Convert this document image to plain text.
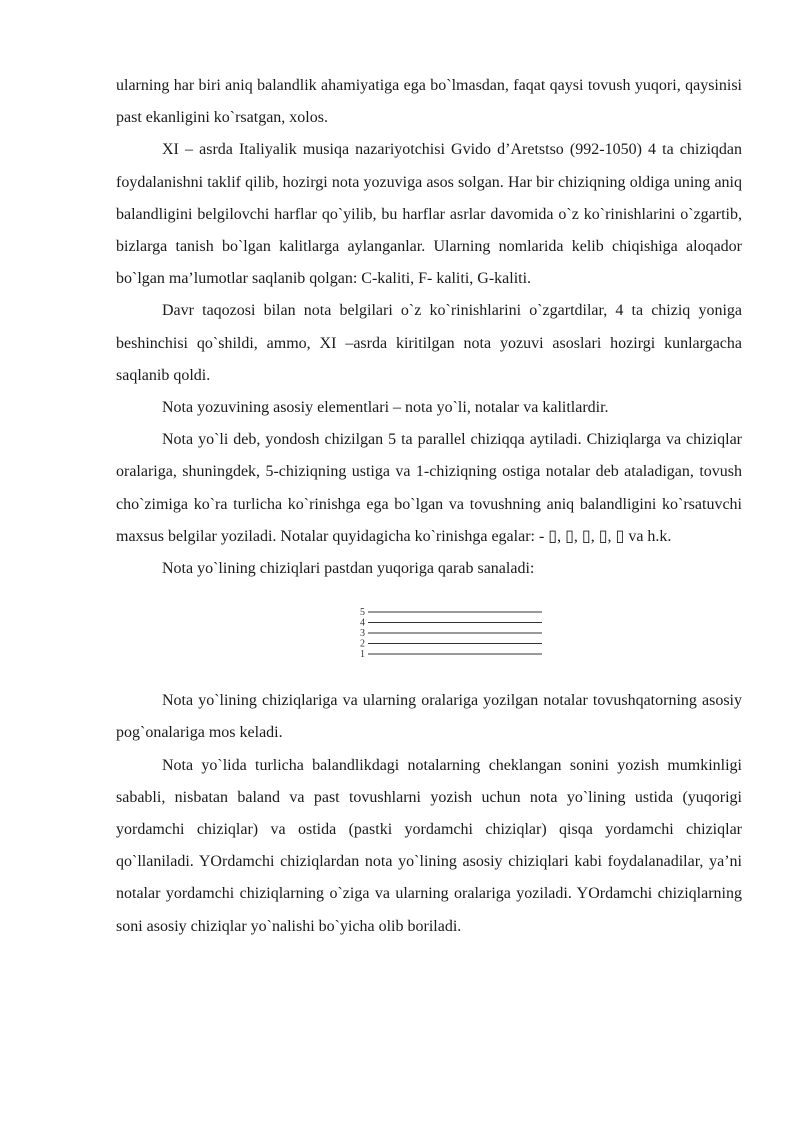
ularning har biri aniq balandlik ahamiyatiga ega bo`lmasdan, faqat qaysi tovush yuqori, qaysinisi past ekanligini ko`rsatgan, xolos.

XI – asrda Italiyalik musiqa nazariyotchisi Gvido d’Aretstso (992-1050) 4 ta chiziqdan foydalanishni taklif qilib, hozirgi nota yozuviga asos solgan. Har bir chiziqning oldiga uning aniq balandligini belgilovchi harflar qo`yilib, bu harflar asrlar davomida o`z ko`rinishlarini o`zgartib, bizlarga tanish bo`lgan kalitlarga aylanganlar. Ularning nomlarida kelib chiqishiga aloqador bo`lgan ma’lumotlar saqlanib qolgan: C-kaliti, F- kaliti, G-kaliti.

Davr taqozosi bilan nota belgilari o`z ko`rinishlarini o`zgartdilar, 4 ta chiziq yoniga beshinchisi qo`shildi, ammo, XI –asrda kiritilgan nota yozuvi asoslari hozirgi kunlargacha saqlanib qoldi.

Nota yozuvining asosiy elementlari – nota yo`li, notalar va kalitlardir.

Nota yo`li deb, yondosh chizilgan 5 ta parallel chiziqqa aytiladi. Chiziqlarga va chiziqlar oralariga, shuningdek, 5-chiziqning ustiga va 1-chiziqning ostiga notalar deb ataladigan, tovush cho`zimiga ko`ra turlicha ko`rinishga ega bo`lgan va tovushning aniq balandligini ko`rsatuvchi maxsus belgilar yoziladi. Notalar quyidagicha ko`rinishga egalar: - ▯, ▯, ▯, ▯, ▯ va h.k.

Nota yo`lining chiziqlari pastdan yuqoriga qarab sanaladi:

5
4
3
2
1

Nota yo`lining chiziqlariga va ularning oralariga yozilgan notalar tovushqatorning asosiy pog`onalariga mos keladi.

Nota yo`lida turlicha balandlikdagi notalarning cheklangan sonini yozish mumkinligi sababli, nisbatan baland va past tovushlarni yozish uchun nota yo`lining ustida (yuqorigi yordamchi chiziqlar) va ostida (pastki yordamchi chiziqlar) qisqa yordamchi chiziqlar qo`llaniladi. YOrdamchi chiziqlardan nota yo`lining asosiy chiziqlari kabi foydalanadilar, ya’ni notalar yordamchi chiziqlarning o`ziga va ularning oralariga yoziladi. YOrdamchi chiziqlarning soni asosiy chiziqlar yo`nalishi bo`yicha olib boriladi.
